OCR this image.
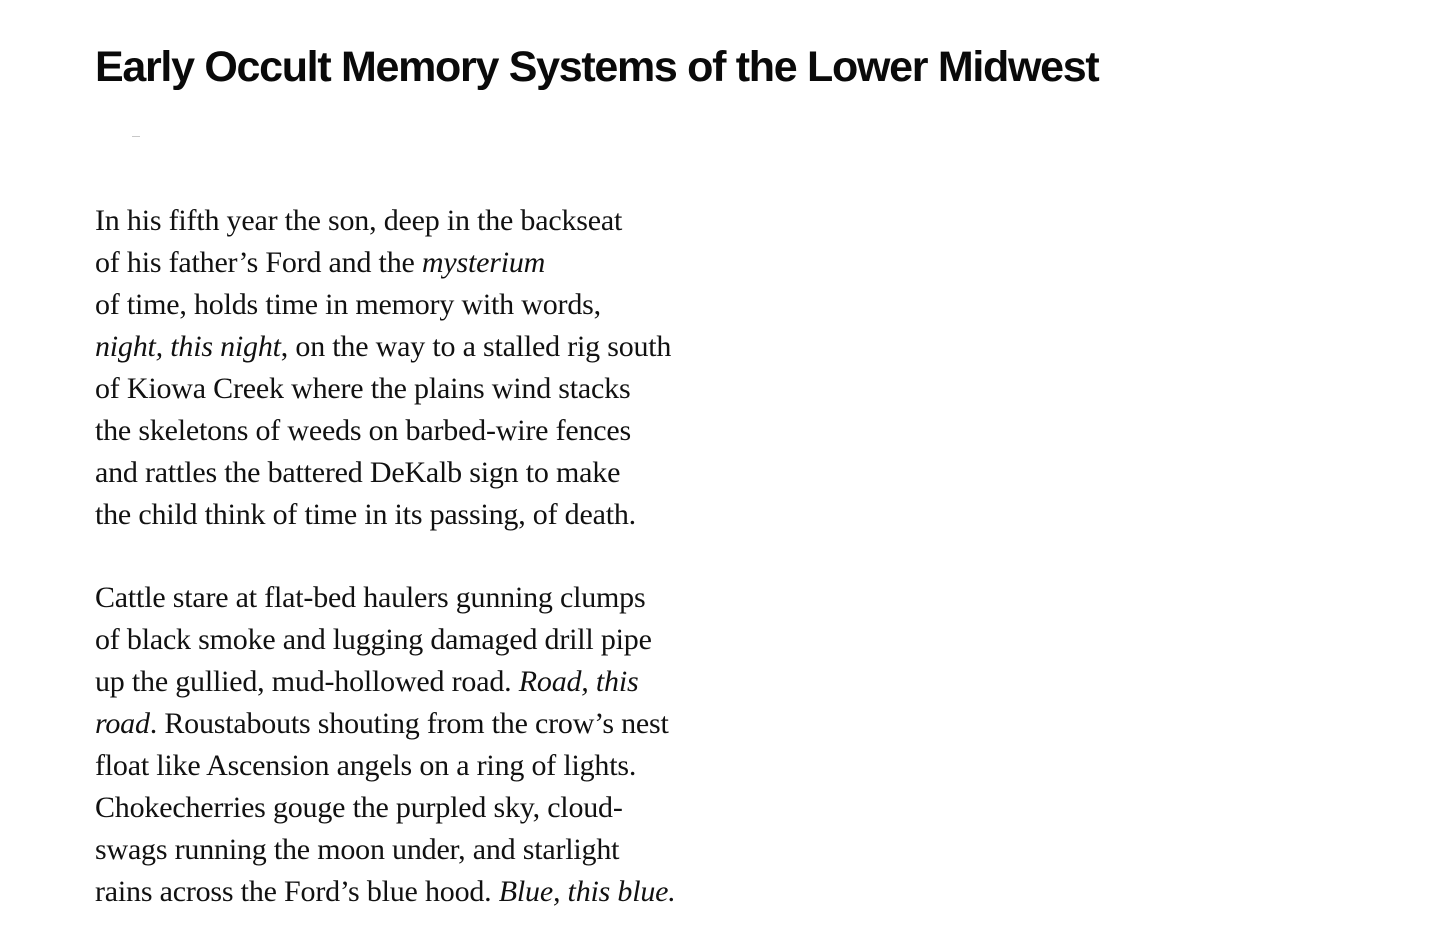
Early Occult Memory Systems of the Lower Midwest
In his fifth year the son, deep in the backseat
of his father’s Ford and the mysterium
of time, holds time in memory with words,
night, this night, on the way to a stalled rig south
of Kiowa Creek where the plains wind stacks
the skeletons of weeds on barbed-wire fences
and rattles the battered DeKalb sign to make
the child think of time in its passing, of death.
Cattle stare at flat-bed haulers gunning clumps
of black smoke and lugging damaged drill pipe
up the gullied, mud-hollowed road. Road, this
road. Roustabouts shouting from the crow’s nest
float like Ascension angels on a ring of lights.
Chokecherries gouge the purpled sky, cloud-
swags running the moon under, and starlight
rains across the Ford’s blue hood. Blue, this blue.
